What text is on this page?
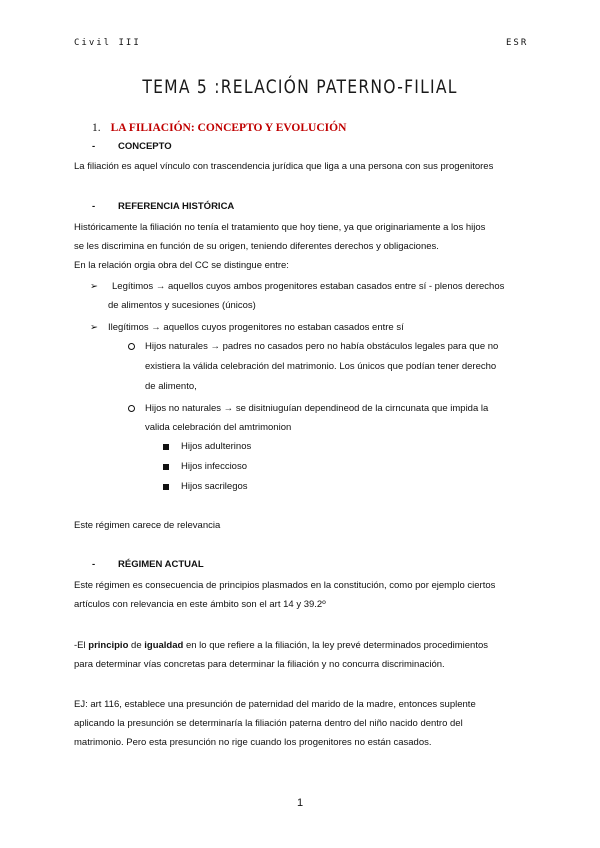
Civil III	ESR
TEMA 5 :RELACIÓN PATERNO-FILIAL
1. LA FILIACIÓN: CONCEPTO Y EVOLUCIÓN
- CONCEPTO
La filiación es aquel vínculo con trascendencia jurídica que liga a una persona con sus progenitores
- REFERENCIA HISTÓRICA
Históricamente la filiación no tenía el tratamiento que hoy tiene, ya que originariamente a los hijos
se les discrimina en función de su origen, teniendo diferentes derechos y obligaciones.
En la relación orgia obra del CC se distingue entre:
➢ Legítimos → aquellos cuyos ambos progenitores estaban casados entre sí - plenos derechos
de alimentos y sucesiones (únicos)
➢ Ilegítimos → aquellos cuyos progenitores no estaban casados entre sí
Hijos naturales → padres no casados pero no había obstáculos legales para que no
existiera la válida celebración del matrimonio. Los únicos que podían tener derecho
de alimento,
Hijos no naturales → se disitniuguían dependineod de la cirncunata que impida la
valida celebración del amtrimonion
Hijos adulterinos
Hijos infeccioso
Hijos sacrilegos
Este régimen carece de relevancia
- RÉGIMEN ACTUAL
Este régimen es consecuencia de principios plasmados en la constitución, como por ejemplo ciertos
artículos con relevancia en este ámbito son el art 14 y 39.2º
-El principio de igualdad en lo que refiere a la filiación, la ley prevé determinados procedimientos
para determinar vías concretas para determinar la filiación y no concurra discriminación.
EJ: art 116, establece una presunción de paternidad del marido de la madre, entonces suplente
aplicando la presunción se determinaría la filiación paterna dentro del niño nacido dentro del
matrimonio. Pero esta presunción no rige cuando los progenitores no están casados.
1
